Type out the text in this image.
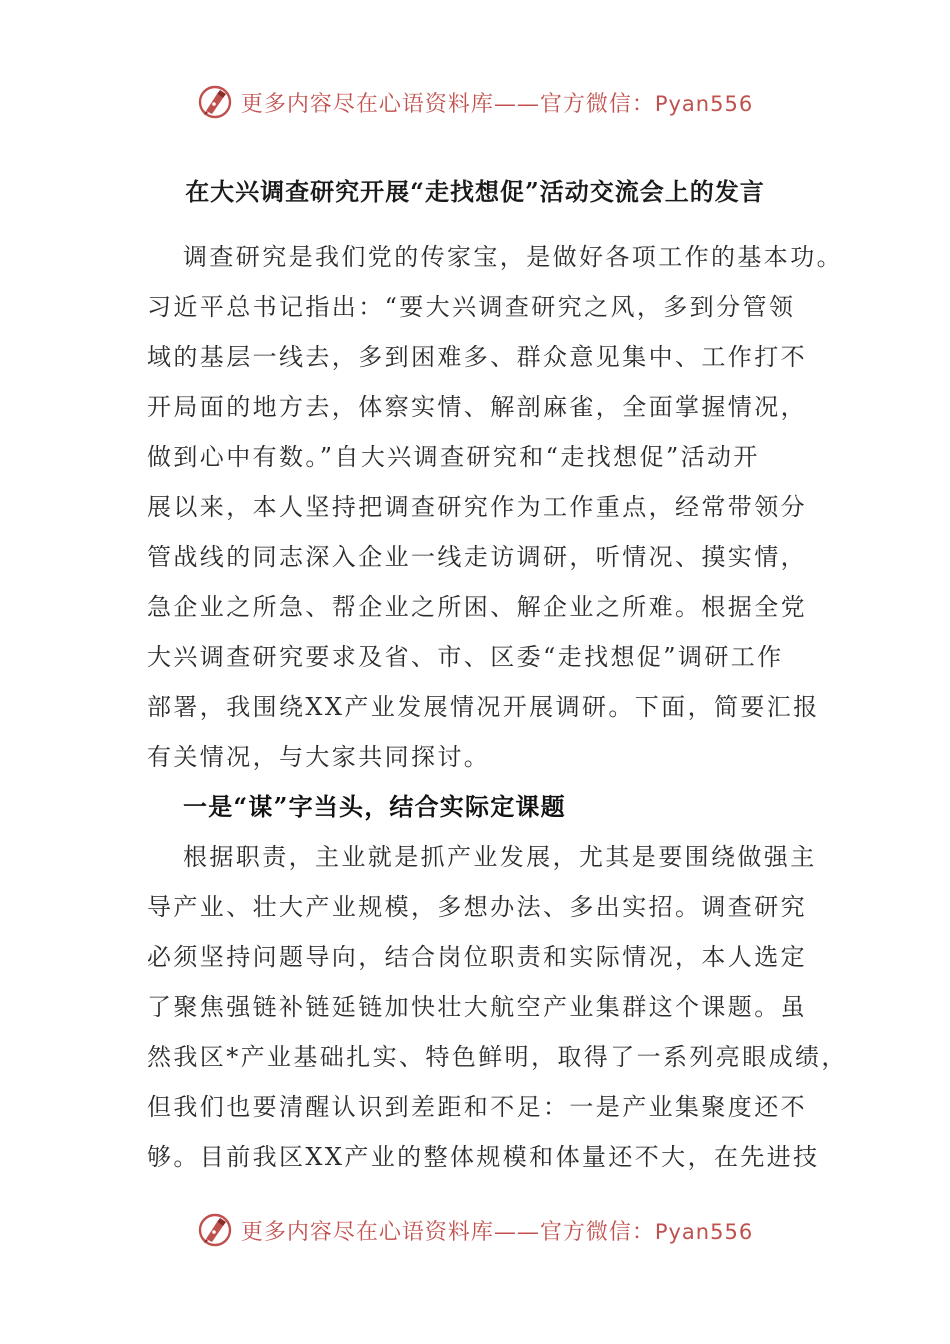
更多内容尽在心语资料库——官方微信：Pyan556
在大兴调查研究开展“走找想促”活动交流会上的发言
调查研究是我们党的传家宝，是做好各项工作的基本功。
习近平总书记指出：“要大兴调查研究之风，多到分管领
域的基层一线去，多到困难多、群众意见集中、工作打不
开局面的地方去，体察实情、解剖麻雀，全面掌握情况，
做到心中有数。”自大兴调查研究和“走找想促”活动开
展以来，本人坚持把调查研究作为工作重点，经常带领分
管战线的同志深入企业一线走访调研，听情况、摸实情，
急企业之所急、帮企业之所困、解企业之所难。根据全党
大兴调查研究要求及省、市、区委“走找想促”调研工作
部署，我围绕XX产业发展情况开展调研。下面，简要汇报
有关情况，与大家共同探讨。
一是“谋”字当头，结合实际定课题
根据职责，主业就是抓产业发展，尤其是要围绕做强主
导产业、壮大产业规模，多想办法、多出实招。调查研究
必须坚持问题导向，结合岗位职责和实际情况，本人选定
了聚焦强链补链延链加快壮大航空产业集群这个课题。虽
然我区*产业基础扎实、特色鲜明，取得了一系列亮眼成绩，
但我们也要清醒认识到差距和不足：一是产业集聚度还不
够。目前我区XX产业的整体规模和体量还不大，在先进技
更多内容尽在心语资料库——官方微信：Pyan556
